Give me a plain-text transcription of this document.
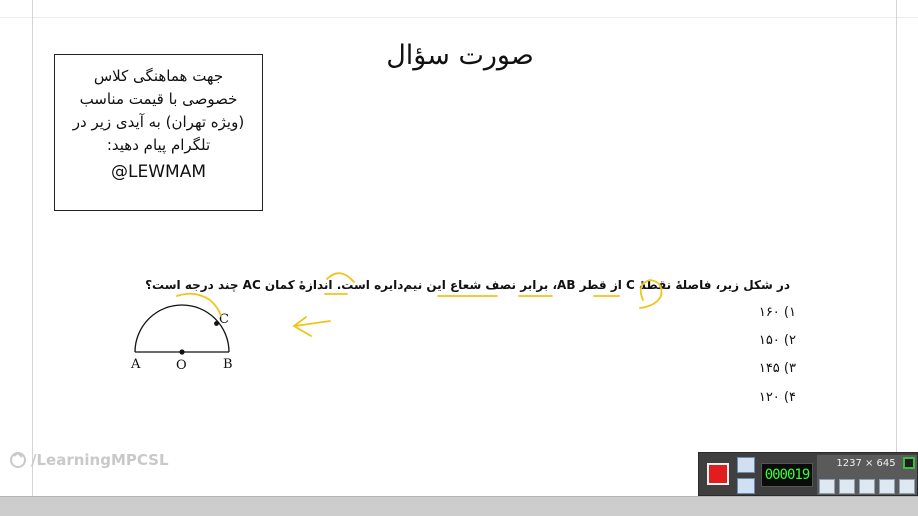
صورت سؤال
جهت هماهنگی کلاس
خصوصی با قیمت مناسب
(ویژه تهران) به آیدی زیر در
تلگرام پیام دهید:
@LEWMAM
در شکل زیر، فاصلهٔ نقطهٔ C از قطر AB، برابر نصف شعاع این نیم‌دایره است. اندازهٔ کمان AC چند درجه است؟
۱) ۱۶۰
۲) ۱۵۰
۳) ۱۴۵
۴) ۱۲۰
A	O	B
C
/LearningMPCSL
000019
1237 × 645
